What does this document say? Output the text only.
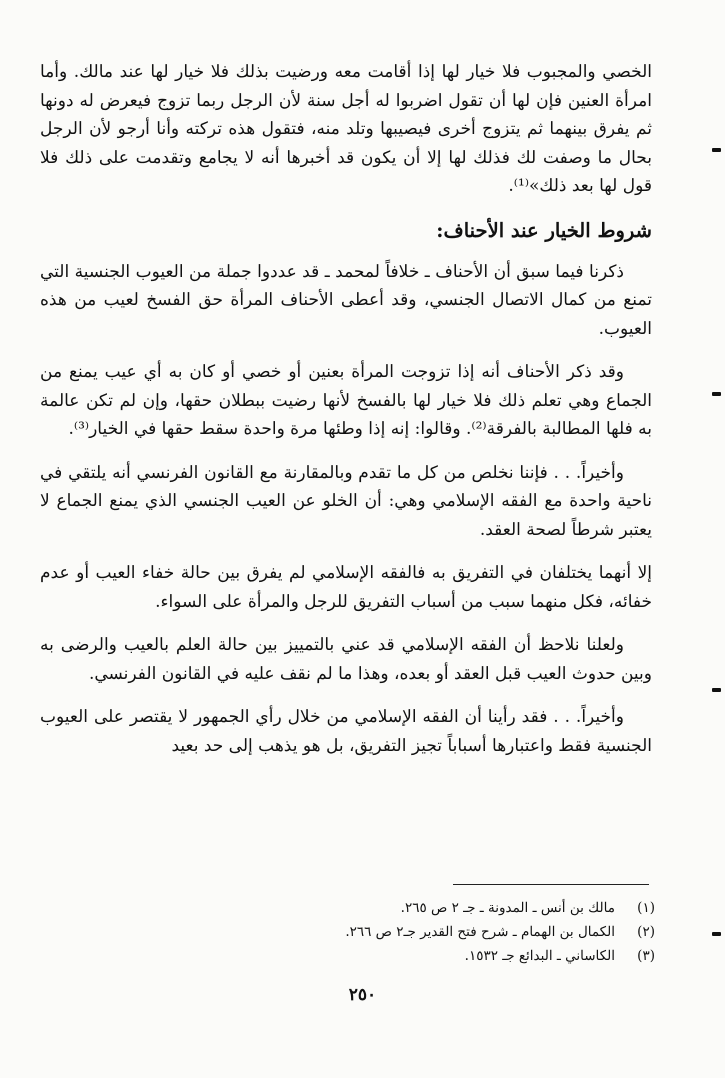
الخصي والمجبوب فلا خيار لها إذا أقامت معه ورضيت بذلك فلا خيار لها عند مالك. وأما امرأة العنين فإن لها أن تقول اضربوا له أجل سنة لأن الرجل ربما تزوج فيعرض له دونها ثم يفرق بينهما ثم يتزوج أخرى فيصيبها وتلد منه، فتقول هذه تركته وأنا أرجو لأن الرجل بحال ما وصفت لك فذلك لها إلا أن يكون قد أخبرها أنه لا يجامع وتقدمت على ذلك فلا قول لها بعد ذلك»⁽¹⁾.

شروط الخيار عند الأحناف:

ذكرنا فيما سبق أن الأحناف ـ خلافاً لمحمد ـ قد عددوا جملة من العيوب الجنسية التي تمنع من كمال الاتصال الجنسي، وقد أعطى الأحناف المرأة حق الفسخ لعيب من هذه العيوب.

وقد ذكر الأحناف أنه إذا تزوجت المرأة بعنين أو خصي أو كان به أي عيب يمنع من الجماع وهي تعلم ذلك فلا خيار لها بالفسخ لأنها رضيت ببطلان حقها، وإن لم تكن عالمة به فلها المطالبة بالفرقة⁽²⁾. وقالوا: إنه إذا وطئها مرة واحدة سقط حقها في الخيار⁽³⁾.

وأخيراً. . . فإننا نخلص من كل ما تقدم وبالمقارنة مع القانون الفرنسي أنه يلتقي في ناحية واحدة مع الفقه الإسلامي وهي: أن الخلو عن العيب الجنسي الذي يمنع الجماع لا يعتبر شرطاً لصحة العقد.

إلا أنهما يختلفان في التفريق به فالفقه الإسلامي لم يفرق بين حالة خفاء العيب أو عدم خفائه، فكل منهما سبب من أسباب التفريق للرجل والمرأة على السواء.

ولعلنا نلاحظ أن الفقه الإسلامي قد عني بالتمييز بين حالة العلم بالعيب والرضى به وبين حدوث العيب قبل العقد أو بعده، وهذا ما لم نقف عليه في القانون الفرنسي.

وأخيراً. . . فقد رأينا أن الفقه الإسلامي من خلال رأي الجمهور لا يقتصر على العيوب الجنسية فقط واعتبارها أسباباً تجيز التفريق، بل هو يذهب إلى حد بعيد

(١)
مالك بن أنس ـ المدونة ـ جـ ٢ ص ٢٦٥.
(٢)
الكمال بن الهمام ـ شرح فتح القدير جـ٢ ص ٢٦٦.
(٣)
الكاساني ـ البدائع جـ ١٥٣٢.
٢٥٠
